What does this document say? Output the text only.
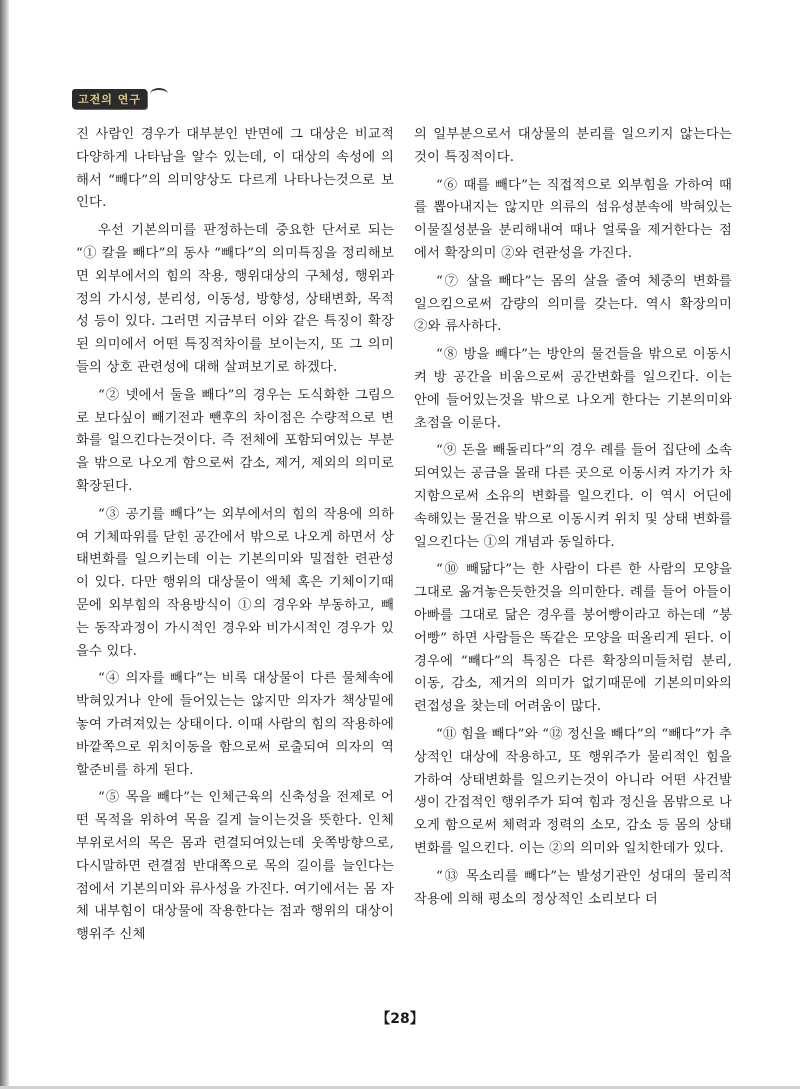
고전의 연구

진 사람인 경우가 대부분인 반면에 그 대상은 비교적 다양하게 나타남을 알수 있는데, 이 대상의 속성에 의해서 “빼다”의 의미양상도 다르게 나타나는것으로 보인다.

우선 기본의미를 판정하는데 중요한 단서로 되는 “① 칼을 빼다”의 동사 “빼다”의 의미특징을 정리해보면 외부에서의 힘의 작용, 행위대상의 구체성, 행위과정의 가시성, 분리성, 이동성, 방향성, 상태변화, 목적성 등이 있다. 그러면 지금부터 이와 같은 특징이 확장된 의미에서 어떤 특징적차이를 보이는지, 또 그 의미들의 상호 관련성에 대해 살펴보기로 하겠다.

“② 넷에서 둘을 빼다”의 경우는 도식화한 그림으로 보다싶이 빼기전과 뺀후의 차이점은 수량적으로 변화를 일으킨다는것이다. 즉 전체에 포함되여있는 부분을 밖으로 나오게 함으로써 감소, 제거, 제외의 의미로 확장된다.

“③ 공기를 빼다”는 외부에서의 힘의 작용에 의하여 기체따위를 닫힌 공간에서 밖으로 나오게 하면서 상태변화를 일으키는데 이는 기본의미와 밀접한 련관성이 있다. 다만 행위의 대상물이 액체 혹은 기체이기때문에 외부힘의 작용방식이 ①의 경우와 부동하고, 빼는 동작과정이 가시적인 경우와 비가시적인 경우가 있을수 있다.

“④ 의자를 빼다”는 비록 대상물이 다른 물체속에 박혀있거나 안에 들어있는는 않지만 의자가 책상밑에 놓여 가려져있는 상태이다. 이때 사람의 힘의 작용하에 바깥쪽으로 위치이동을 함으로써 로출되여 의자의 역할준비를 하게 된다.

“⑤ 목을 빼다”는 인체근육의 신축성을 전제로 어떤 목적을 위하여 목을 길게 늘이는것을 뜻한다. 인체부위로서의 목은 몸과 련결되여있는데 웃쪽방향으로, 다시말하면 련결점 반대쪽으로 목의 길이를 늘인다는 점에서 기본의미와 류사성을 가진다. 여기에서는 몸 자체 내부힘이 대상물에 작용한다는 점과 행위의 대상이 행위주 신체

의 일부분으로서 대상물의 분리를 일으키지 않는다는것이 특징적이다.

“⑥ 때를 빼다”는 직접적으로 외부힘을 가하여 때를 뽑아내지는 않지만 의류의 섬유성분속에 박혀있는 이물질성분을 분리해내여 때나 얼룩을 제거한다는 점에서 확장의미 ②와 련관성을 가진다.

“⑦ 살을 빼다”는 몸의 살을 줄여 체중의 변화를 일으킴으로써 감량의 의미를 갖는다. 역시 확장의미 ②와 류사하다.

“⑧ 방을 빼다”는 방안의 물건들을 밖으로 이동시켜 방 공간을 비움으로써 공간변화를 일으킨다. 이는 안에 들어있는것을 밖으로 나오게 한다는 기본의미와 초점을 이룬다.

“⑨ 돈을 빼돌리다”의 경우 례를 들어 집단에 소속되여있는 공금을 몰래 다른 곳으로 이동시켜 자기가 차지함으로써 소유의 변화를 일으킨다. 이 역시 어딘에 속해있는 물건을 밖으로 이동시켜 위치 및 상태 변화를 일으킨다는 ①의 개념과 동일하다.

“⑩ 빼닮다”는 한 사람이 다른 한 사람의 모양을 그대로 옮겨놓은듯한것을 의미한다. 례를 들어 아들이 아빠를 그대로 닮은 경우를 붕어빵이라고 하는데 “붕어빵” 하면 사람들은 똑같은 모양을 떠올리게 된다. 이 경우에 “빼다”의 특징은 다른 확장의미들처럼 분리, 이동, 감소, 제거의 의미가 없기때문에 기본의미와의 련접성을 찾는데 어려움이 많다.

“⑪ 힘을 빼다”와 “⑫ 정신을 빼다”의 “빼다”가 추상적인 대상에 작용하고, 또 행위주가 물리적인 힘을 가하여 상태변화를 일으키는것이 아니라 어떤 사건발생이 간접적인 행위주가 되여 힘과 정신을 몸밖으로 나오게 함으로써 체력과 정력의 소모, 감소 등 몸의 상태변화를 일으킨다. 이는 ②의 의미와 일치한데가 있다.

“⑬ 목소리를 빼다”는 발성기관인 성대의 물리적작용에 의해 평소의 정상적인 소리보다 더

【28】
